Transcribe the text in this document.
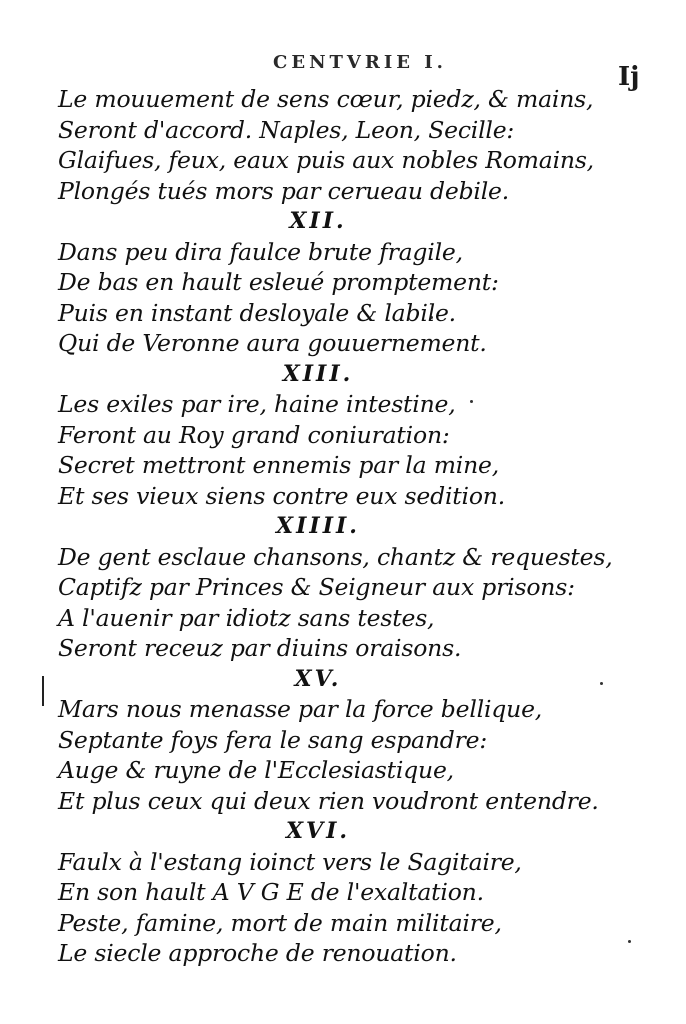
CENTVRIE I.	Ij
Le mouuement de sens cœur, piedz, & mains,
Seront d'accord. Naples, Leon, Secille:
Glaifues, feux, eaux puis aux nobles Romains,
Plongés tués mors par cerueau debile.
XII.
Dans peu dira faulce brute fragile,
De bas en hault esleué promptement:
Puis en instant desloyale & labile.
Qui de Veronne aura gouuernement.
XIII.
Les exiles par ire, haine intestine,
Feront au Roy grand coniuration:
Secret mettront ennemis par la mine,
Et ses vieux siens contre eux sedition.
XIIII.
De gent esclaue chansons, chantz & requestes,
Captifz par Princes & Seigneur aux prisons:
A l'auenir par idiotz sans testes,
Seront receuz par diuins oraisons.
XV.
Mars nous menasse par la force bellique,
Septante foys fera le sang espandre:
Auge & ruyne de l'Ecclesiastique,
Et plus ceux qui deux rien voudront entendre.
XVI.
Faulx à l'estang ioinct vers le Sagitaire,
En son hault A V G E de l'exaltation.
Peste, famine, mort de main militaire,
Le siecle approche de renouation.
